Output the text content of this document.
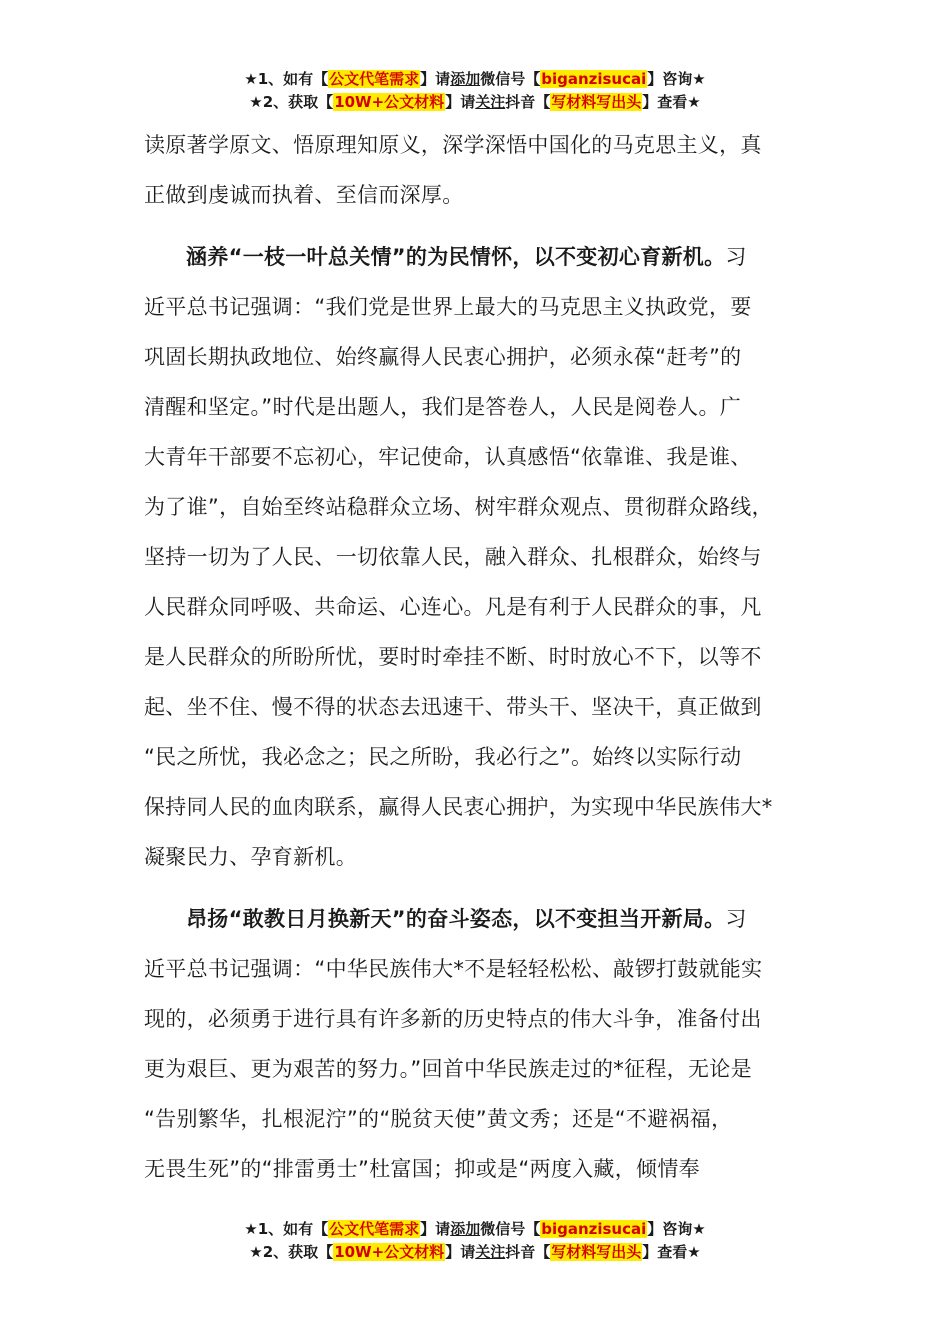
★1、如有【公文代笔需求】请添加微信号【biganzisucai】咨询★
★2、获取【10W+公文材料】请关注抖音【写材料写出头】查看★
读原著学原文、悟原理知原义，深学深悟中国化的马克思主义，真
正做到虔诚而执着、至信而深厚。
涵养“一枝一叶总关情”的为民情怀，以不变初心育新机。习
近平总书记强调：“我们党是世界上最大的马克思主义执政党，要
巩固长期执政地位、始终赢得人民衷心拥护，必须永葆“赶考”的
清醒和坚定。”时代是出题人，我们是答卷人，人民是阅卷人。广
大青年干部要不忘初心，牢记使命，认真感悟“依靠谁、我是谁、
为了谁”，自始至终站稳群众立场、树牢群众观点、贯彻群众路线，
坚持一切为了人民、一切依靠人民，融入群众、扎根群众，始终与
人民群众同呼吸、共命运、心连心。凡是有利于人民群众的事，凡
是人民群众的所盼所忧，要时时牵挂不断、时时放心不下，以等不
起、坐不住、慢不得的状态去迅速干、带头干、坚决干，真正做到
“民之所忧，我必念之；民之所盼，我必行之”。始终以实际行动
保持同人民的血肉联系，赢得人民衷心拥护，为实现中华民族伟大*
凝聚民力、孕育新机。
昂扬“敢教日月换新天”的奋斗姿态，以不变担当开新局。习
近平总书记强调：“中华民族伟大*不是轻轻松松、敲锣打鼓就能实
现的，必须勇于进行具有许多新的历史特点的伟大斗争，准备付出
更为艰巨、更为艰苦的努力。”回首中华民族走过的*征程，无论是
“告别繁华，扎根泥泞”的“脱贫天使”黄文秀；还是“不避祸福，
无畏生死”的“排雷勇士”杜富国；抑或是“两度入藏，倾情奉
★1、如有【公文代笔需求】请添加微信号【biganzisucai】咨询★
★2、获取【10W+公文材料】请关注抖音【写材料写出头】查看★
